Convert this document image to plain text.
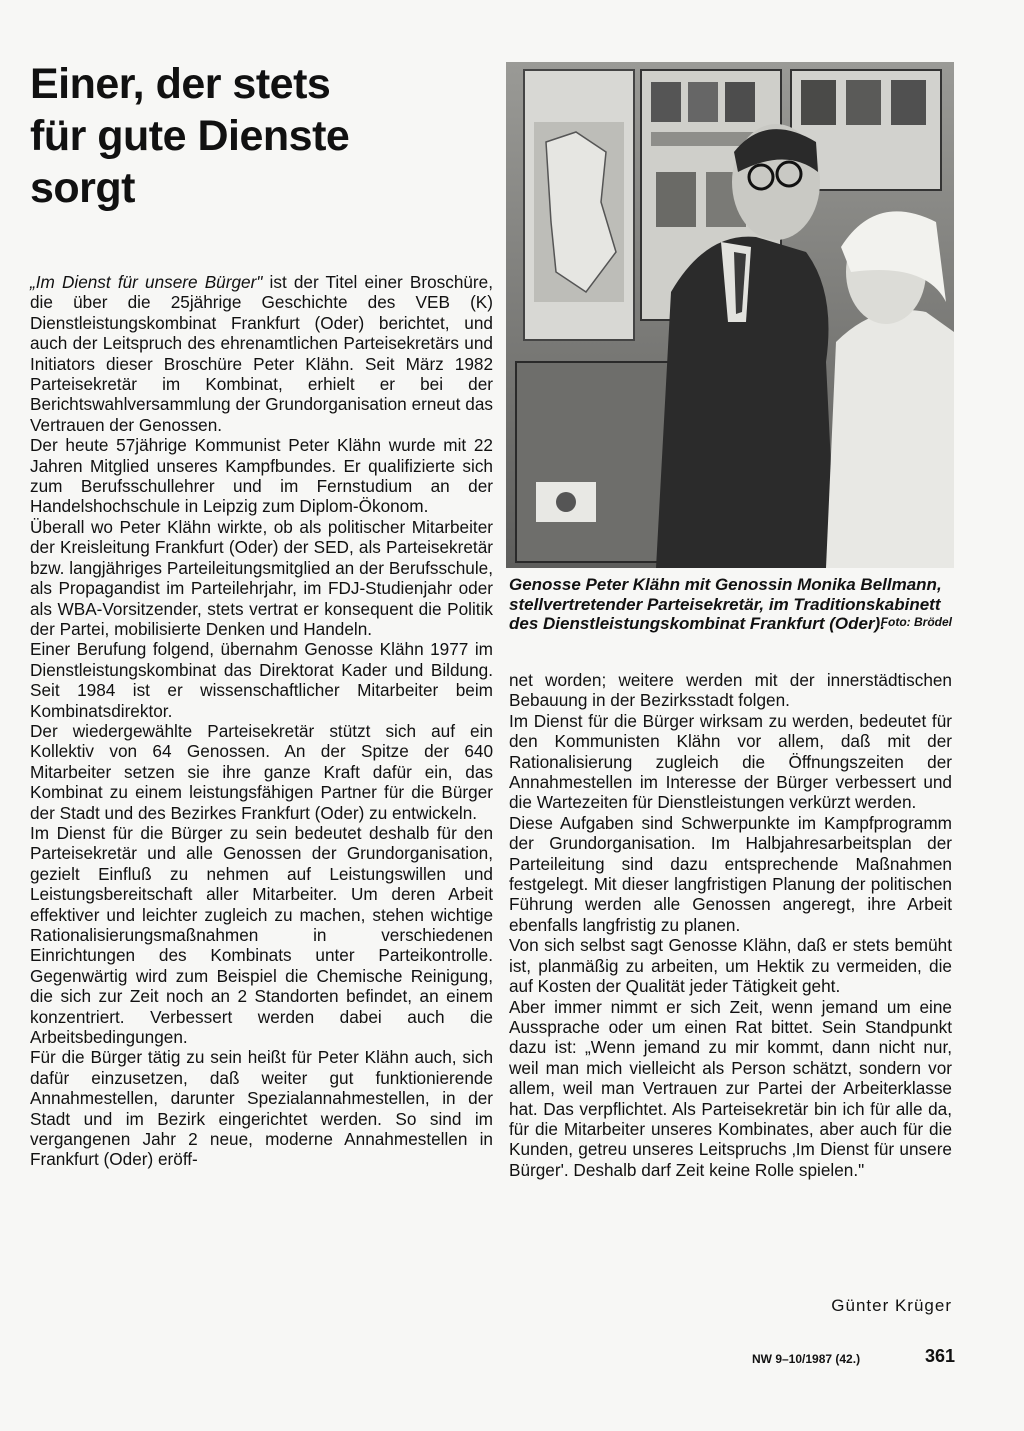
Einer, der stets
für gute Dienste
sorgt

„Im Dienst für unsere Bürger" ist der Titel einer Broschüre, die über die 25jährige Geschichte des VEB (K) Dienstleistungskombinat Frankfurt (Oder) berichtet, und auch der Leitspruch des ehrenamtlichen Parteisekretärs und Initiators dieser Broschüre Peter Klähn. Seit März 1982 Parteisekretär im Kombinat, erhielt er bei der Berichtswahlversammlung der Grundorganisation erneut das Vertrauen der Genossen.

Der heute 57jährige Kommunist Peter Klähn wurde mit 22 Jahren Mitglied unseres Kampfbundes. Er qualifizierte sich zum Berufsschullehrer und im Fernstudium an der Handelshochschule in Leipzig zum Diplom-Ökonom.

Überall wo Peter Klähn wirkte, ob als politischer Mitarbeiter der Kreisleitung Frankfurt (Oder) der SED, als Parteisekretär bzw. langjähriges Parteileitungsmitglied an der Berufsschule, als Propagandist im Parteilehrjahr, im FDJ-Studienjahr oder als WBA-Vorsitzender, stets vertrat er konsequent die Politik der Partei, mobilisierte Denken und Handeln.

Einer Berufung folgend, übernahm Genosse Klähn 1977 im Dienstleistungskombinat das Direktorat Kader und Bildung. Seit 1984 ist er wissenschaftlicher Mitarbeiter beim Kombinatsdirektor.

Der wiedergewählte Parteisekretär stützt sich auf ein Kollektiv von 64 Genossen. An der Spitze der 640 Mitarbeiter setzen sie ihre ganze Kraft dafür ein, das Kombinat zu einem leistungsfähigen Partner für die Bürger der Stadt und des Bezirkes Frankfurt (Oder) zu entwickeln.

Im Dienst für die Bürger zu sein bedeutet deshalb für den Parteisekretär und alle Genossen der Grundorganisation, gezielt Einfluß zu nehmen auf Leistungswillen und Leistungsbereitschaft aller Mitarbeiter. Um deren Arbeit effektiver und leichter zugleich zu machen, stehen wichtige Rationalisierungsmaßnahmen in verschiedenen Einrichtungen des Kombinats unter Parteikontrolle. Gegenwärtig wird zum Beispiel die Chemische Reinigung, die sich zur Zeit noch an 2 Standorten befindet, an einem konzentriert. Verbessert werden dabei auch die Arbeitsbedingungen.

Für die Bürger tätig zu sein heißt für Peter Klähn auch, sich dafür einzusetzen, daß weiter gut funktionierende Annahmestellen, darunter Spezialannahmestellen, in der Stadt und im Bezirk eingerichtet werden. So sind im vergangenen Jahr 2 neue, moderne Annahmestellen in Frankfurt (Oder) eröff-

Genosse Peter Klähn mit Genossin Monika Bellmann, stellvertretender Parteisekretär, im Traditionskabinett des Dienstleistungskombinat Frankfurt (Oder).
Foto: Brödel

net worden; weitere werden mit der innerstädtischen Bebauung in der Bezirksstadt folgen.

Im Dienst für die Bürger wirksam zu werden, bedeutet für den Kommunisten Klähn vor allem, daß mit der Rationalisierung zugleich die Öffnungszeiten der Annahmestellen im Interesse der Bürger verbessert und die Wartezeiten für Dienstleistungen verkürzt werden.

Diese Aufgaben sind Schwerpunkte im Kampfprogramm der Grundorganisation. Im Halbjahresarbeitsplan der Parteileitung sind dazu entsprechende Maßnahmen festgelegt. Mit dieser langfristigen Planung der politischen Führung werden alle Genossen angeregt, ihre Arbeit ebenfalls langfristig zu planen.

Von sich selbst sagt Genosse Klähn, daß er stets bemüht ist, planmäßig zu arbeiten, um Hektik zu vermeiden, die auf Kosten der Qualität jeder Tätigkeit geht.

Aber immer nimmt er sich Zeit, wenn jemand um eine Aussprache oder um einen Rat bittet. Sein Standpunkt dazu ist: „Wenn jemand zu mir kommt, dann nicht nur, weil man mich vielleicht als Person schätzt, sondern vor allem, weil man Vertrauen zur Partei der Arbeiterklasse hat. Das verpflichtet. Als Parteisekretär bin ich für alle da, für die Mitarbeiter unseres Kombinates, aber auch für die Kunden, getreu unseres Leitspruchs ‚Im Dienst für unsere Bürger'. Deshalb darf Zeit keine Rolle spielen."

Günter Krüger
NW 9–10/1987 (42.)	361
